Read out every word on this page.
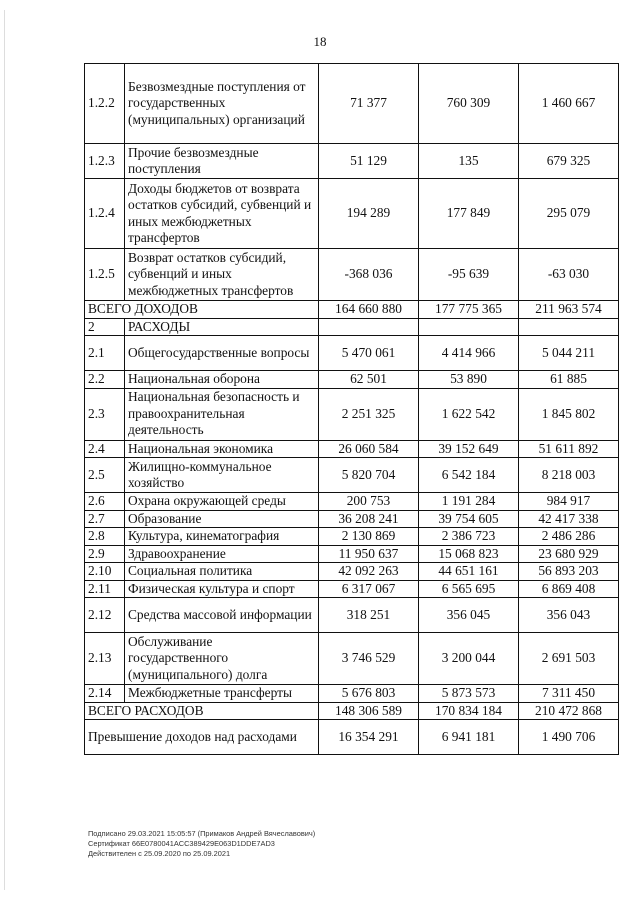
18
1.2.2	Безвозмездные поступления от государственных (муниципальных) организаций	71 377	760 309	1 460 667
1.2.3	Прочие безвозмездные поступления	51 129	135	679 325
1.2.4	Доходы бюджетов от возврата остатков субсидий, субвенций и иных межбюджетных трансфертов	194 289	177 849	295 079
1.2.5	Возврат остатков субсидий, субвенций и иных межбюджетных трансфертов	-368 036	-95 639	-63 030
ВСЕГО ДОХОДОВ		164 660 880	177 775 365	211 963 574
2	РАСХОДЫ			
2.1	Общегосударственные вопросы	5 470 061	4 414 966	5 044 211
2.2	Национальная оборона	62 501	53 890	61 885
2.3	Национальная безопасность и правоохранительная деятельность	2 251 325	1 622 542	1 845 802
2.4	Национальная экономика	26 060 584	39 152 649	51 611 892
2.5	Жилищно-коммунальное хозяйство	5 820 704	6 542 184	8 218 003
2.6	Охрана окружающей среды	200 753	1 191 284	984 917
2.7	Образование	36 208 241	39 754 605	42 417 338
2.8	Культура, кинематография	2 130 869	2 386 723	2 486 286
2.9	Здравоохранение	11 950 637	15 068 823	23 680 929
2.10	Социальная политика	42 092 263	44 651 161	56 893 203
2.11	Физическая культура и спорт	6 317 067	6 565 695	6 869 408
2.12	Средства массовой информации	318 251	356 045	356 043
2.13	Обслуживание государственного (муниципального) долга	3 746 529	3 200 044	2 691 503
2.14	Межбюджетные трансферты	5 676 803	5 873 573	7 311 450
ВСЕГО РАСХОДОВ		148 306 589	170 834 184	210 472 868
Превышение доходов над расходами		16 354 291	6 941 181	1 490 706
Подписано 29.03.2021 15:05:57 (Примаков Андрей Вячеславович)
Сертификат 66E0780041ACC389429E063D1DDE7AD3
Действителен с 25.09.2020 по 25.09.2021
